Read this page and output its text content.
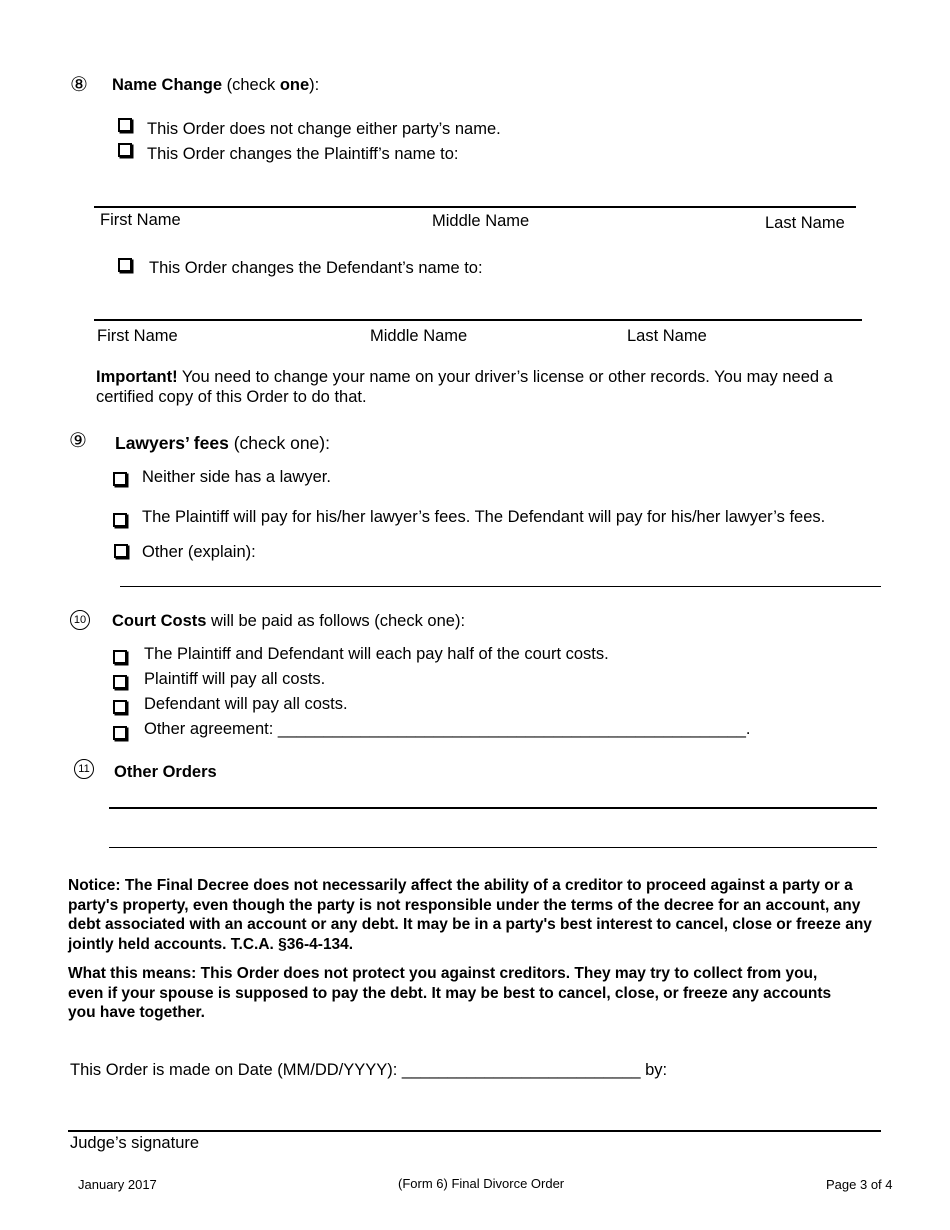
⑧ Name Change (check one):
This Order does not change either party’s name.
This Order changes the Plaintiff’s name to:
First Name	Middle Name	Last Name
This Order changes the Defendant’s name to:
First Name	Middle Name	Last Name
Important! You need to change your name on your driver’s license or other records. You may need a certified copy of this Order to do that.
⑨ Lawyers’ fees (check one):
Neither side has a lawyer.
The Plaintiff will pay for his/her lawyer’s fees. The Defendant will pay for his/her lawyer’s fees.
Other (explain):
10 Court Costs will be paid as follows (check one):
The Plaintiff and Defendant will each pay half of the court costs.
Plaintiff will pay all costs.
Defendant will pay all costs.
Other agreement: ___________________________________________________.
11 Other Orders
Notice: The Final Decree does not necessarily affect the ability of a creditor to proceed against a party or a party's property, even though the party is not responsible under the terms of the decree for an account, any debt associated with an account or any debt. It may be in a party's best interest to cancel, close or freeze any jointly held accounts. T.C.A. §36-4-134.
What this means: This Order does not protect you against creditors. They may try to collect from you, even if your spouse is supposed to pay the debt. It may be best to cancel, close, or freeze any accounts you have together.
This Order is made on Date (MM/DD/YYYY): __________________________ by:
Judge’s signature
January 2017	(Form 6) Final Divorce Order	Page 3 of 4
